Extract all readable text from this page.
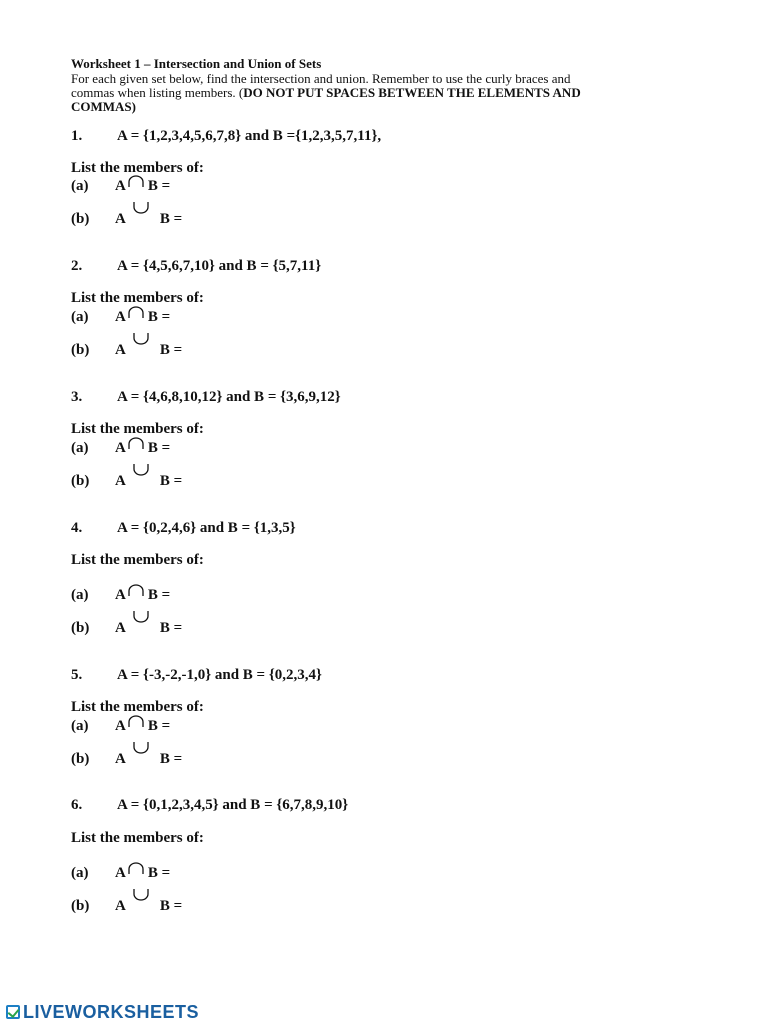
Worksheet 1 – Intersection and Union of Sets
For each given set below, find the intersection and union. Remember to use the curly braces and
commas when listing members. (DO NOT PUT SPACES BETWEEN THE ELEMENTS AND
COMMAS)
1. A = {1,2,3,4,5,6,7,8} and B ={1,2,3,5,7,11},
List the members of:
(a) A B =
(b) A B =
2. A = {4,5,6,7,10} and B = {5,7,11}
List the members of:
(a) A B =
(b) A B =
3. A = {4,6,8,10,12} and B = {3,6,9,12}
List the members of:
(a) A B =
(b) A B =
4. A = {0,2,4,6} and B = {1,3,5}
List the members of:
(a) A B =
(b) A B =
5. A = {-3,-2,-1,0} and B = {0,2,3,4}
List the members of:
(a) A B =
(b) A B =
6. A = {0,1,2,3,4,5} and B = {6,7,8,9,10}
List the members of:
(a) A B =
(b) A B =
LIVEWORKSHEETS
